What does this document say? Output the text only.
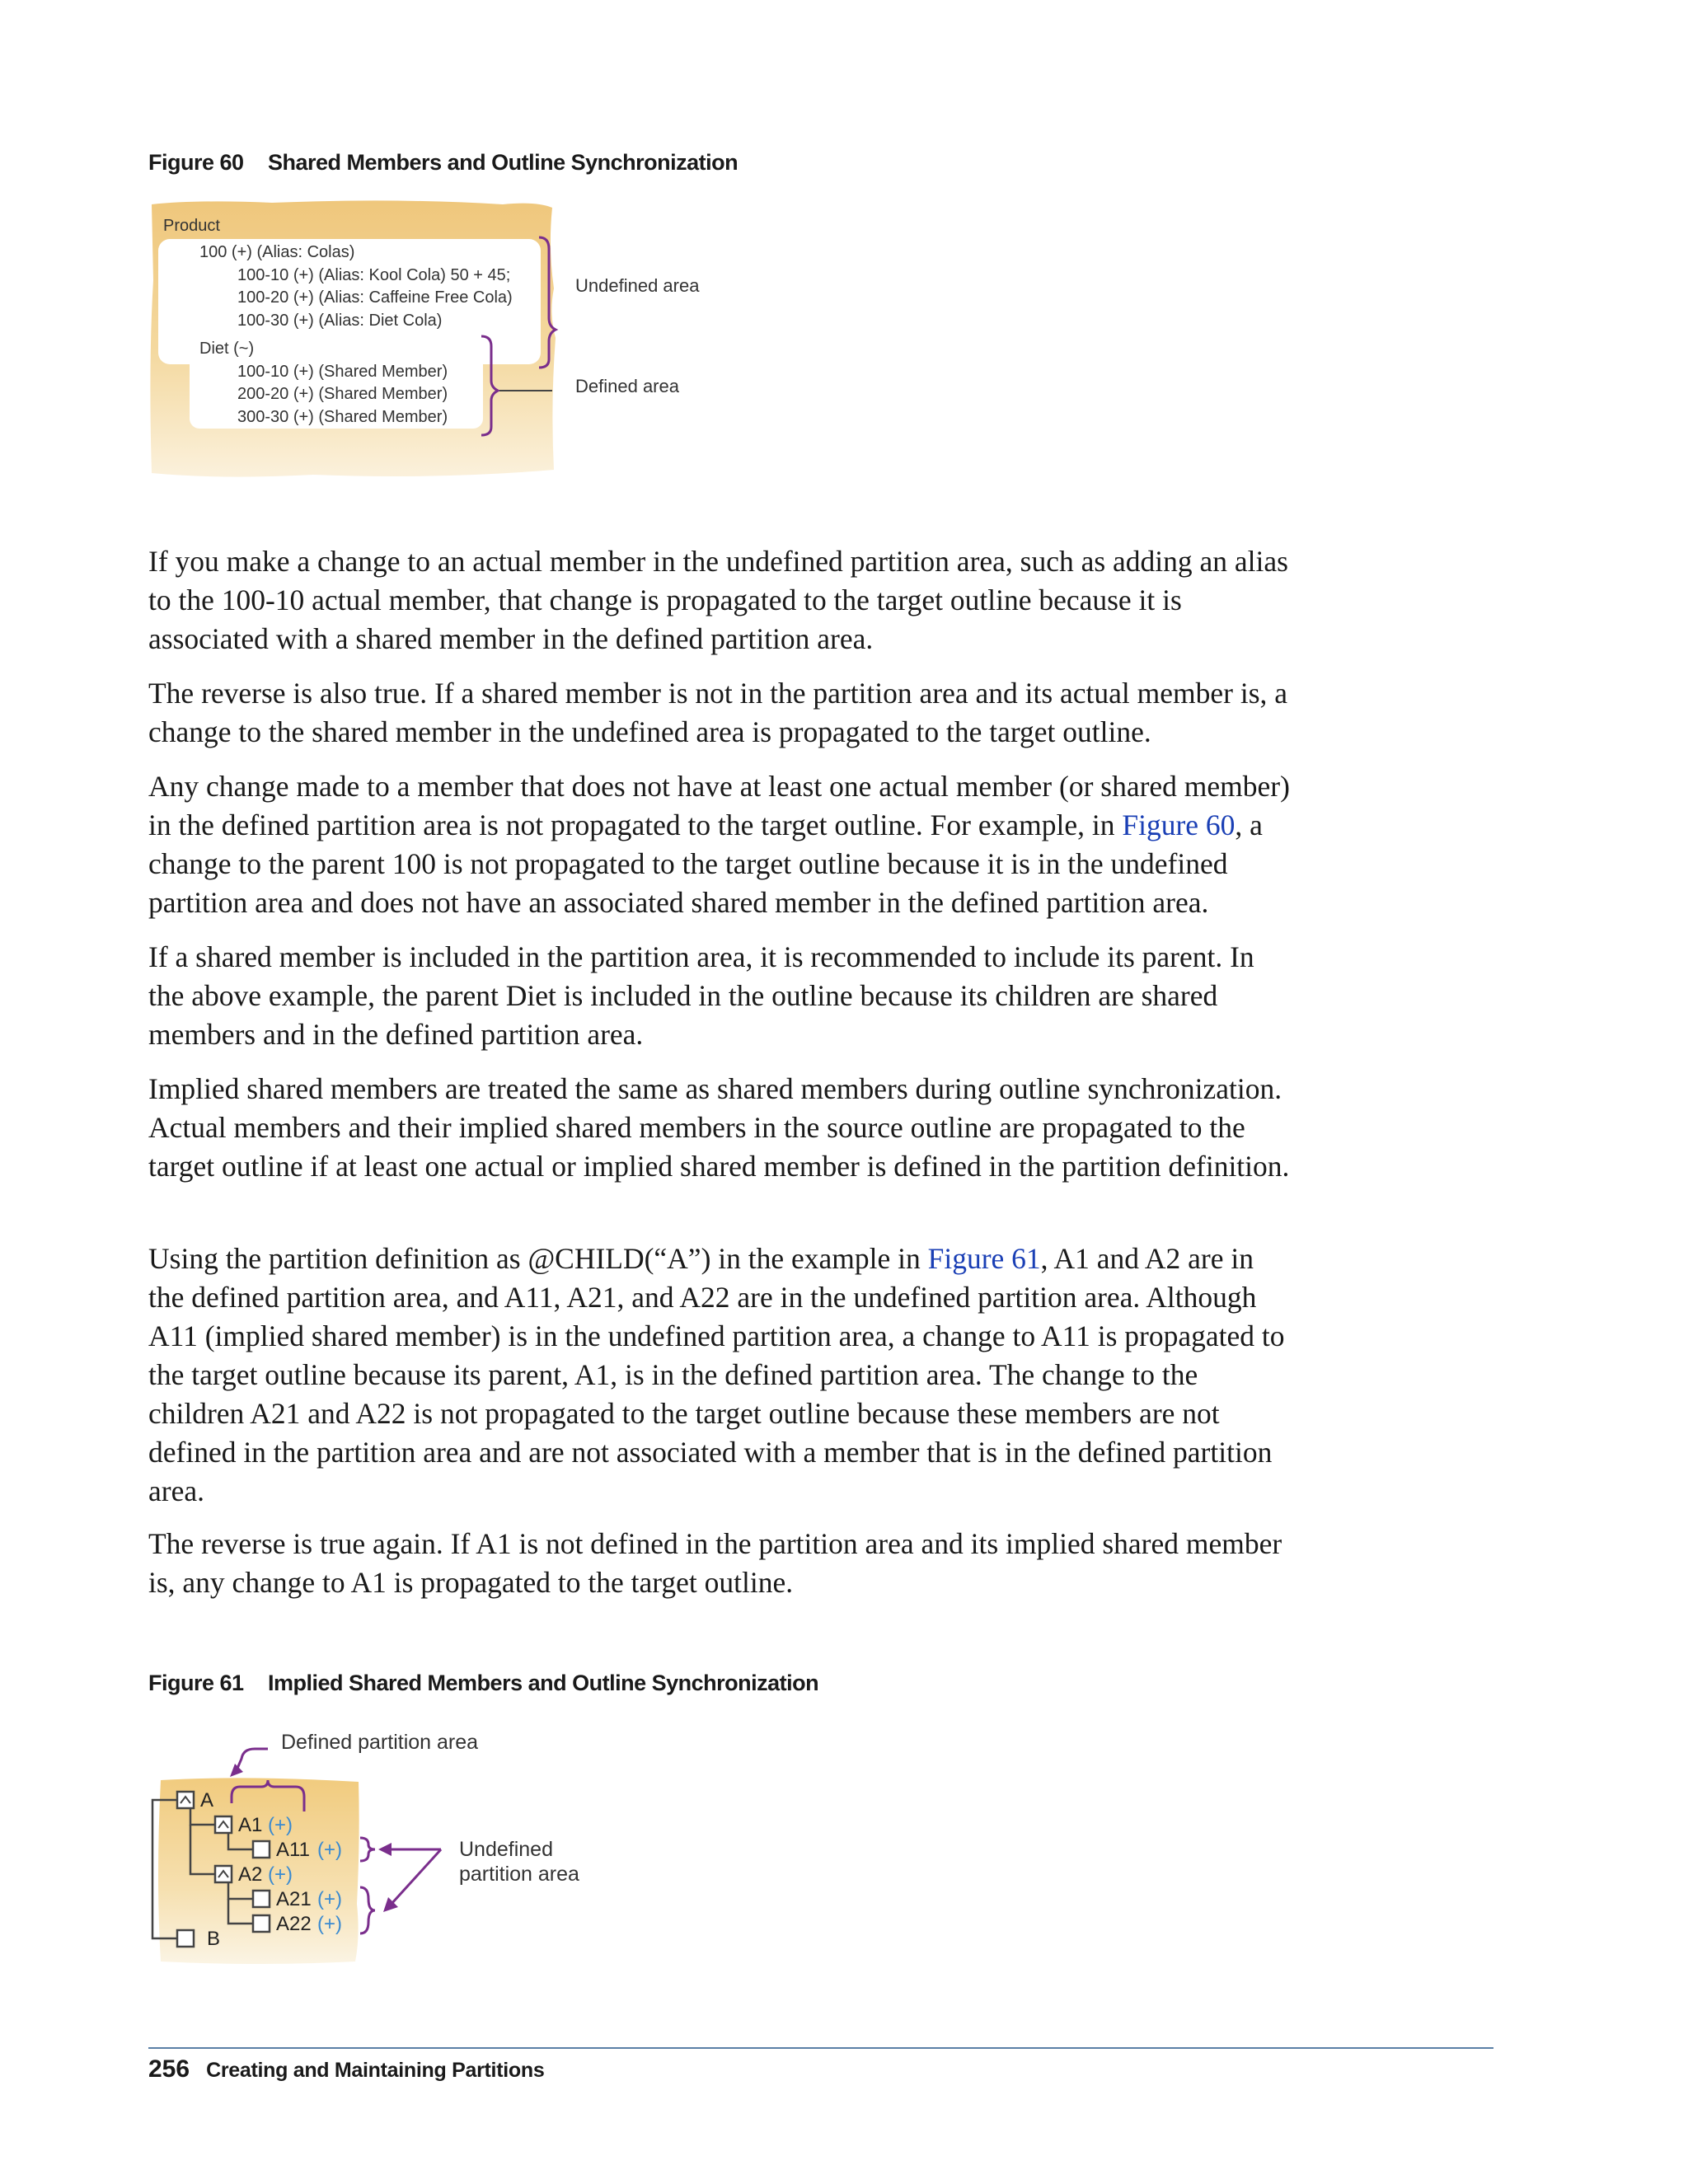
Figure 60 Shared Members and Outline Synchronization
Product
100 (+) (Alias: Colas)
100-10 (+) (Alias: Kool Cola) 50 + 45;
100-20 (+) (Alias: Caffeine Free Cola)
100-30 (+) (Alias: Diet Cola)
Diet (~)
100-10 (+) (Shared Member)
200-20 (+) (Shared Member)
300-30 (+) (Shared Member)
Undefined area
Defined area

If you make a change to an actual member in the undefined partition area, such as adding an alias to the 100-10 actual member, that change is propagated to the target outline because it is associated with a shared member in the defined partition area.

The reverse is also true. If a shared member is not in the partition area and its actual member is, a change to the shared member in the undefined area is propagated to the target outline.

Any change made to a member that does not have at least one actual member (or shared member) in the defined partition area is not propagated to the target outline. For example, in Figure 60, a change to the parent 100 is not propagated to the target outline because it is in the undefined partition area and does not have an associated shared member in the defined partition area.

If a shared member is included in the partition area, it is recommended to include its parent. In the above example, the parent Diet is included in the outline because its children are shared members and in the defined partition area.

Implied shared members are treated the same as shared members during outline synchronization. Actual members and their implied shared members in the source outline are propagated to the target outline if at least one actual or implied shared member is defined in the partition definition.

Using the partition definition as @CHILD(“A”) in the example in Figure 61, A1 and A2 are in the defined partition area, and A11, A21, and A22 are in the undefined partition area. Although A11 (implied shared member) is in the undefined partition area, a change to A11 is propagated to the target outline because its parent, A1, is in the defined partition area. The change to the children A21 and A22 is not propagated to the target outline because these members are not defined in the partition area and are not associated with a member that is in the defined partition area.

The reverse is true again. If A1 is not defined in the partition area and its implied shared member is, any change to A1 is propagated to the target outline.

Figure 61 Implied Shared Members and Outline Synchronization
A
A1
A11
A2
A21
A22
B
(+)
(+)
(+)
(+)
(+)
Defined partition area
Undefined
partition area
256 Creating and Maintaining Partitions
